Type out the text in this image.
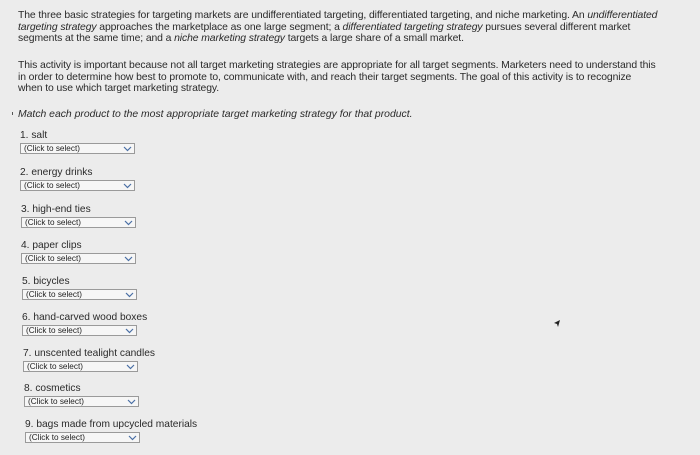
The three basic strategies for targeting markets are undifferentiated targeting, differentiated targeting, and niche marketing. An undifferentiated targeting strategy approaches the marketplace as one large segment; a differentiated targeting strategy pursues several different market segments at the same time; and a niche marketing strategy targets a large share of a small market.
This activity is important because not all target marketing strategies are appropriate for all target segments. Marketers need to understand this in order to determine how best to promote to, communicate with, and reach their target segments. The goal of this activity is to recognize when to use which target marketing strategy.
Match each product to the most appropriate target marketing strategy for that product.
1. salt
(Click to select)
2. energy drinks
(Click to select)
3. high-end ties
(Click to select)
4. paper clips
(Click to select)
5. bicycles
(Click to select)
6. hand-carved wood boxes
(Click to select)
7. unscented tealight candles
(Click to select)
8. cosmetics
(Click to select)
9. bags made from upcycled materials
(Click to select)
